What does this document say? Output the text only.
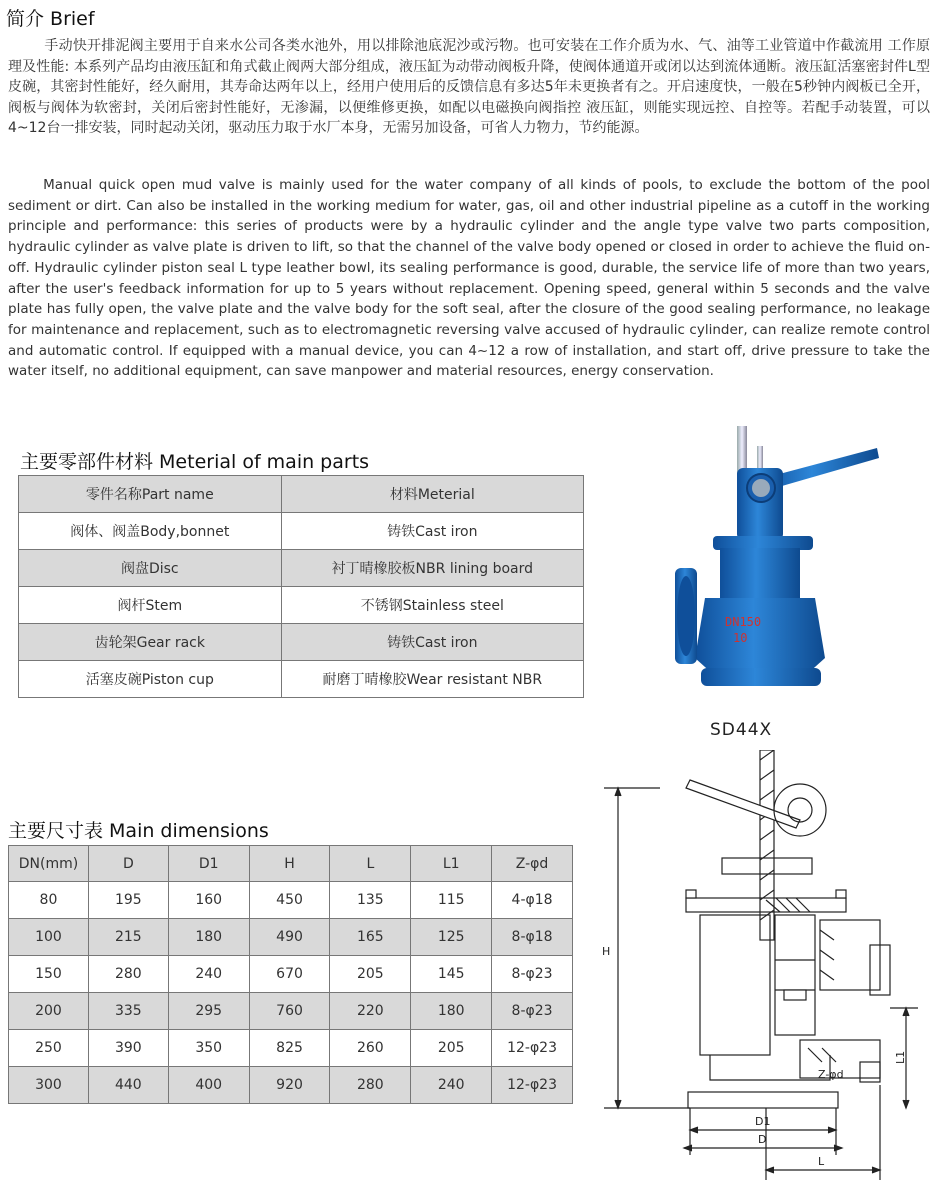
简介 Brief

手动快开排泥阀主要用于自来水公司各类水池外，用以排除池底泥沙或污物。也可安装在工作介质为水、气、油等工业管道中作截流用 工作原理及性能: 本系列产品均由液压缸和角式截止阀两大部分组成，液压缸为动带动阀板升降，使阀体通道开或闭以达到流体通断。液压缸活塞密封件L型皮碗，其密封性能好，经久耐用，其寿命达两年以上，经用户使用后的反馈信息有多达5年未更换者有之。开启速度快，一般在5秒钟内阀板已全开，阀板与阀体为软密封，关闭后密封性能好，无渗漏，以便维修更换，如配以电磁换向阀指控 液压缸，则能实现远控、自控等。若配手动装置，可以4~12台一排安装，同时起动关闭，驱动压力取于水厂本身，无需另加设备，可省人力物力，节约能源。

Manual quick open mud valve is mainly used for the water company of all kinds of pools, to exclude the bottom of the pool sediment or dirt. Can also be installed in the working medium for water, gas, oil and other industrial pipeline as a cutoff in the working principle and performance: this series of products were by a hydraulic cylinder and the angle type valve two parts composition, hydraulic cylinder as valve plate is driven to lift, so that the channel of the valve body opened or closed in order to achieve the fluid on-off. Hydraulic cylinder piston seal L type leather bowl, its sealing performance is good, durable, the service life of more than two years, after the user's feedback information for up to 5 years without replacement. Opening speed, general within 5 seconds and the valve plate has fully open, the valve plate and the valve body for the soft seal, after the closure of the good sealing performance, no leakage for maintenance and replacement, such as to electromagnetic reversing valve accused of hydraulic cylinder, can realize remote control and automatic control. If equipped with a manual device, you can 4~12 a row of installation, and start off, drive pressure to take the water itself, no additional equipment, can save manpower and material resources, energy conservation.

主要零部件材料 Meterial of main parts
零件名称Part name	材料Meterial
阀体、阀盖Body,bonnet	铸铁Cast iron
阀盘Disc	衬丁晴橡胶板NBR lining board
阀杆Stem	不锈钢Stainless steel
齿轮架Gear rack	铸铁Cast iron
活塞皮碗Piston cup	耐磨丁晴橡胶Wear resistant NBR
DN150
10
SD44X
主要尺寸表 Main dimensions
DN(mm)	D	D1	H	L	L1	Z-φd
80	195	160	450	135	115	4-φ18
100	215	180	490	165	125	8-φ18
150	280	240	670	205	145	8-φ23
200	335	295	760	220	180	8-φ23
250	390	350	825	260	205	12-φ23
300	440	400	920	280	240	12-φ23
H
L1
Z-φd
D1
D
L
